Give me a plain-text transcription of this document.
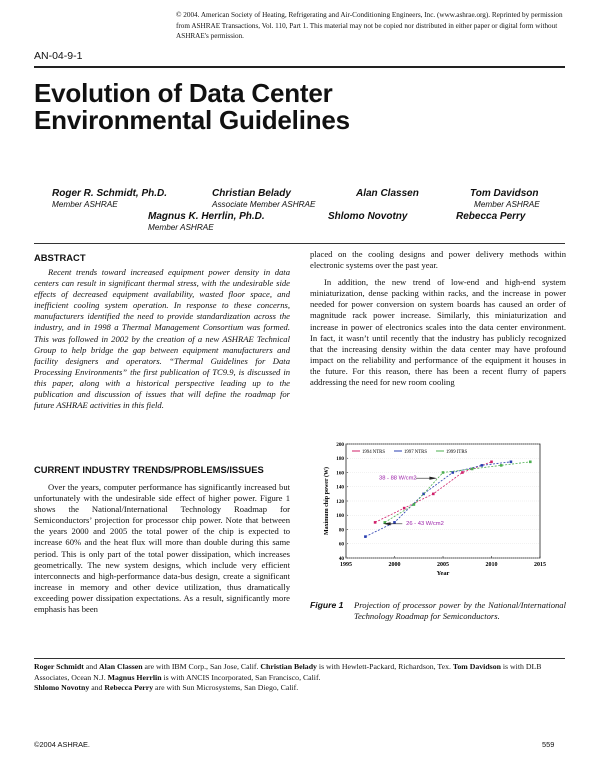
© 2004. American Society of Heating, Refrigerating and Air-Conditioning Engineers, Inc. (www.ashrae.org). Reprinted by permission from ASHRAE Transactions, Vol. 110, Part 1. This material may not be copied nor distributed in either paper or digital form without ASHRAE's permission.
AN-04-9-1
Evolution of Data Center
Environmental Guidelines
Roger R. Schmidt, Ph.D.
Member ASHRAE
Christian Belady
Associate Member ASHRAE
Alan Classen	Tom Davidson
Member ASHRAE
Magnus K. Herrlin, Ph.D.
Member ASHRAE
Shlomo Novotny	Rebecca Perry
ABSTRACT

Recent trends toward increased equipment power density in data centers can result in significant thermal stress, with the undesirable side effects of decreased equipment availability, wasted floor space, and inefficient cooling system operation. In response to these concerns, manufacturers identified the need to provide standardization across the industry, and in 1998 a Thermal Management Consortium was formed. This was followed in 2002 by the creation of a new ASHRAE Technical Group to help bridge the gap between equipment manufacturers and facility designers and operators. “Thermal Guidelines for Data Processing Environments” the first publication of TC9.9, is discussed in this paper, along with a historical perspective leading up to the publication and discussion of issues that will define the roadmap for future ASHRAE activities in this field.

CURRENT INDUSTRY TRENDS/PROBLEMS/ISSUES

Over the years, computer performance has significantly increased but unfortunately with the undesirable side effect of higher power. Figure 1 shows the National/International Technology Roadmap for Semiconductors’ projection for processor chip power. Note that between the years 2000 and 2005 the total power of the chip is expected to increase 60% and the heat flux will more than double during this same period. This is only part of the total power dissipation, which increases geometrically. The new system designs, which include very efficient interconnects and high-performance data-bus design, create a significant increase in memory and other device utilization, thus dramatically exceeding power dissipation expectations. As a result, significantly more emphasis has been

placed on the cooling designs and power delivery methods within electronic systems over the past year.

In addition, the new trend of low-end and high-end system miniaturization, dense packing within racks, and the increase in power needed for power conversion on system boards has caused an order of magnitude rack power increase. Similarly, this miniaturization and increase in power of electronics scales into the data center environment. In fact, it wasn’t until recently that the industry has publicly recognized that the increasing density within the data center may have profound impact on the reliability and performance of the equipment it houses in the future. For this reason, there has been a recent flurry of papers addressing the need for new room cooling

40
60
80
100
120
140
160
180
200
1995	2000	2005	2010	2015
1994 NTRS	1997 NTRS	1999 ITRS
38 - 88 W/cm2
26 - 43 W/cm2
Year
Maximum chip power (W)
Figure 1	Projection of processor power by the National/International Technology Roadmap for Semiconductors.
Roger Schmidt and Alan Classen are with IBM Corp., San Jose, Calif. Christian Belady is with Hewlett-Packard, Richardson, Tex. Tom Davidson is with DLB Associates, Ocean N.J. Magnus Herrlin is with ANCIS Incorporated, San Francisco, Calif.
Shlomo Novotny and Rebecca Perry are with Sun Microsystems, San Diego, Calif.
©2004 ASHRAE.	559
